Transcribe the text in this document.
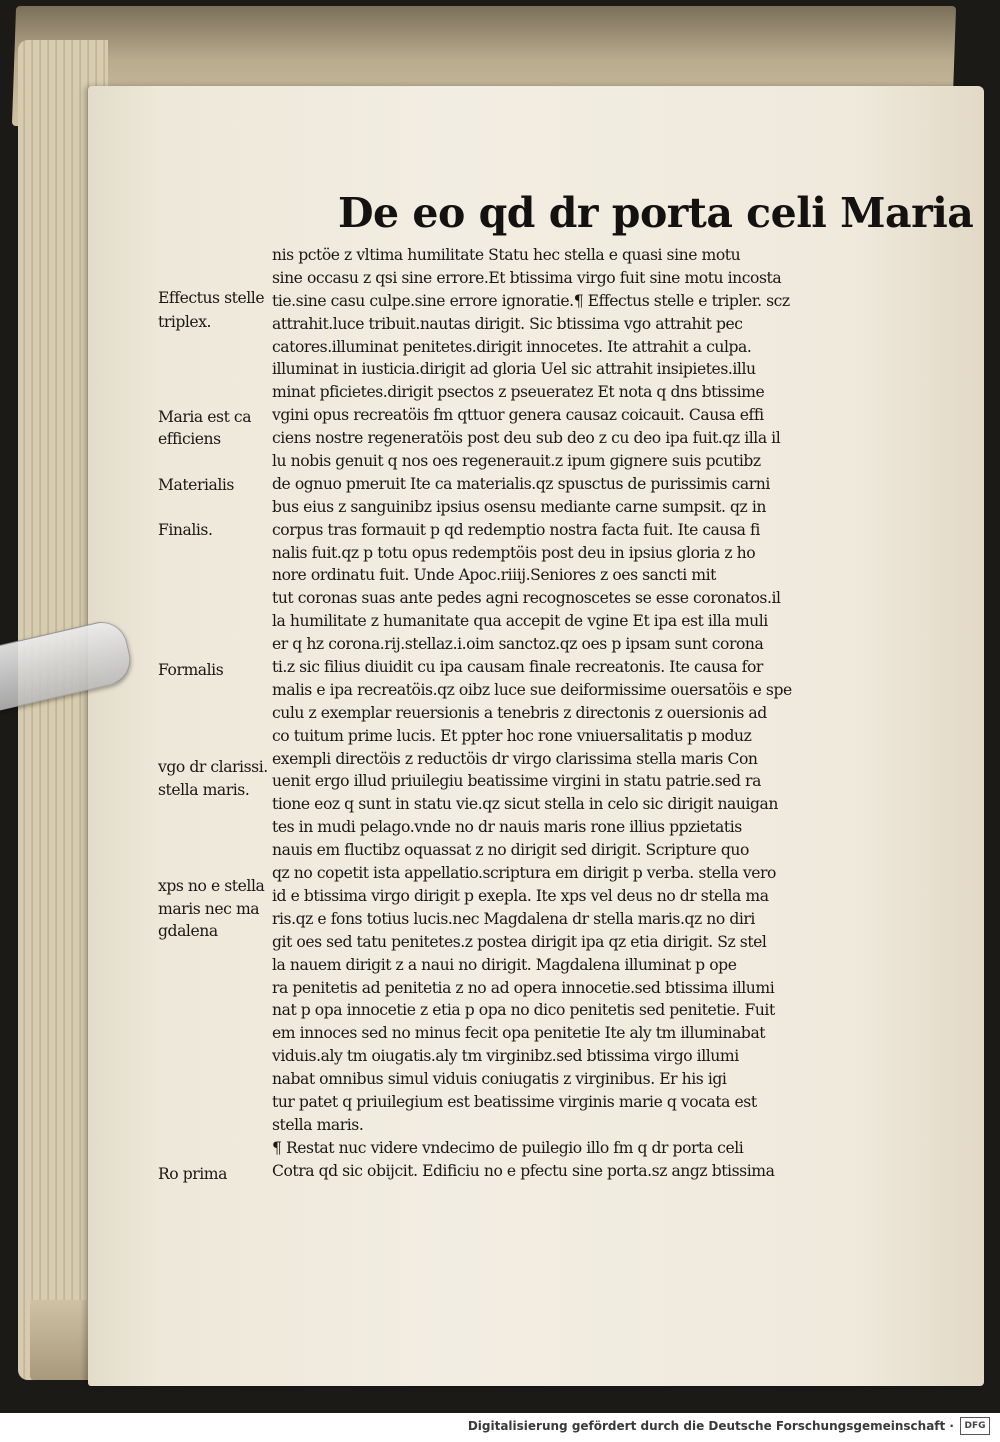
De eo qd dr porta celi Maria
nis pctöe z vltima humilitate Statu hec stella e quasi sine motu
sine occasu z qsi sine errore.Et btissima virgo fuit sine motu incosta
tie.sine casu culpe.sine errore ignoratie.¶ Effectus stelle e tripler. scz
attrahit.luce tribuit.nautas dirigit. Sic btissima vgo attrahit pec
catores.illuminat penitetes.dirigit innocetes. Ite attrahit a culpa.
illuminat in iusticia.dirigit ad gloria Uel sic attrahit insipietes.illu
minat pficietes.dirigit psectos z pseueratez Et nota q dns btissime
vgini opus recreatöis fm qttuor genera causaz coicauit. Causa effi
ciens nostre regeneratöis post deu sub deo z cu deo ipa fuit.qz illa il
lu nobis genuit q nos oes regenerauit.z ipum gignere suis pcutibz
de ognuo pmeruit Ite ca materialis.qz spusctus de purissimis carni
bus eius z sanguinibz ipsius osensu mediante carne sumpsit. qz in
corpus tras formauit p qd redemptio nostra facta fuit. Ite causa fi
nalis fuit.qz p totu opus redemptöis post deu in ipsius gloria z ho
nore ordinatu fuit. Unde Apoc.riiij.Seniores z oes sancti mit
tut coronas suas ante pedes agni recognoscetes se esse coronatos.il
la humilitate z humanitate qua accepit de vgine Et ipa est illa muli
er q hz corona.rij.stellaz.i.oim sanctoz.qz oes p ipsam sunt corona
ti.z sic filius diuidit cu ipa causam finale recreatonis. Ite causa for
malis e ipa recreatöis.qz oibz luce sue deiformissime ouersatöis e spe
culu z exemplar reuersionis a tenebris z directonis z ouersionis ad
co tuitum prime lucis. Et ppter hoc rone vniuersalitatis p moduz
exempli directöis z reductöis dr virgo clarissima stella maris Con
uenit ergo illud priuilegiu beatissime virgini in statu patrie.sed ra
tione eoz q sunt in statu vie.qz sicut stella in celo sic dirigit nauigan
tes in mudi pelago.vnde no dr nauis maris rone illius ppzietatis
nauis em fluctibz oquassat z no dirigit sed dirigit. Scripture quo
qz no copetit ista appellatio.scriptura em dirigit p verba. stella vero
id e btissima virgo dirigit p exepla. Ite xps vel deus no dr stella ma
ris.qz e fons totius lucis.nec Magdalena dr stella maris.qz no diri
git oes sed tatu penitetes.z postea dirigit ipa qz etia dirigit. Sz stel
la nauem dirigit z a naui no dirigit. Magdalena illuminat p ope
ra penitetis ad penitetia z no ad opera innocetie.sed btissima illumi
nat p opa innocetie z etia p opa no dico penitetis sed penitetie. Fuit
em innoces sed no minus fecit opa penitetie Ite aly tm illuminabat
viduis.aly tm oiugatis.aly tm virginibz.sed btissima virgo illumi
nabat omnibus simul viduis coniugatis z virginibus. Er his igi
tur patet q priuilegium est beatissime virginis marie q vocata est
stella maris.
¶ Restat nuc videre vndecimo de puilegio illo fm q dr porta celi
Cotra qd sic obijcit. Edificiu no e pfectu sine porta.sz angz btissima
Effectus stelle
triplex.
Maria est ca
efficiens
Materialis
Finalis.
Formalis
vgo dr clarissi.
stella maris.
xps no e stella
maris nec ma
gdalena
Ro prima
Digitalisierung gefördert durch die Deutsche Forschungsgemeinschaft ·	DFG
